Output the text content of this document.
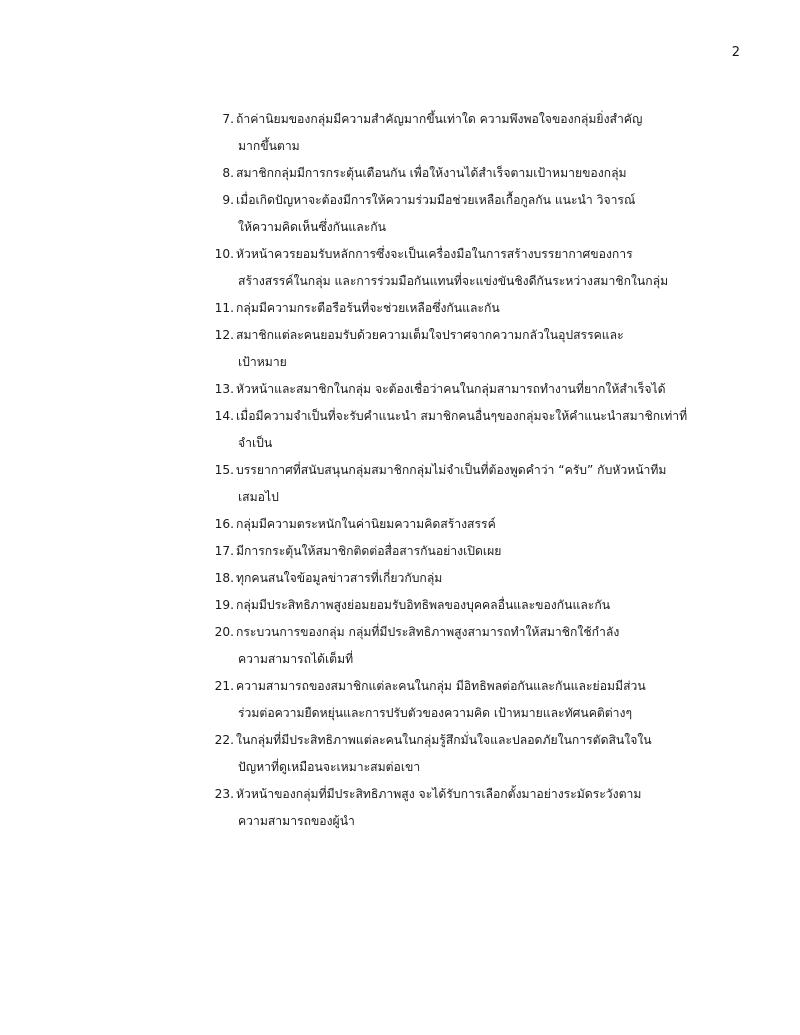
2
7. ถ้าค่านิยมของกลุ่มมีความสำคัญมากขึ้นเท่าใด ความพึงพอใจของกลุ่มยิ่งสำคัญ
มากขึ้นตาม
8. สมาชิกกลุ่มมีการกระตุ้นเตือนกัน เพื่อให้งานได้สำเร็จตามเป้าหมายของกลุ่ม
9. เมื่อเกิดปัญหาจะต้องมีการให้ความร่วมมือช่วยเหลือเกื้อกูลกัน แนะนำ วิจารณ์
ให้ความคิดเห็นซึ่งกันและกัน
10. หัวหน้าควรยอมรับหลักการซึ่งจะเป็นเครื่องมือในการสร้างบรรยากาศของการ
สร้างสรรค์ในกลุ่ม และการร่วมมือกันแทนที่จะแข่งขันชิงดีกันระหว่างสมาชิกในกลุ่ม
11. กลุ่มมีความกระตือรือร้นที่จะช่วยเหลือซึ่งกันและกัน
12. สมาชิกแต่ละคนยอมรับด้วยความเต็มใจปราศจากความกลัวในอุปสรรคและ
เป้าหมาย
13. หัวหน้าและสมาชิกในกลุ่ม จะต้องเชื่อว่าคนในกลุ่มสามารถทำงานที่ยากให้สำเร็จได้
14. เมื่อมีความจำเป็นที่จะรับคำแนะนำ สมาชิกคนอื่นๆของกลุ่มจะให้คำแนะนำสมาชิกเท่าที่
จำเป็น
15. บรรยากาศที่สนับสนุนกลุ่มสมาชิกกลุ่มไม่จำเป็นที่ต้องพูดคำว่า “ครับ” กับหัวหน้าทีม
เสมอไป
16. กลุ่มมีความตระหนักในค่านิยมความคิดสร้างสรรค์
17. มีการกระตุ้นให้สมาชิกติดต่อสื่อสารกันอย่างเปิดเผย
18. ทุกคนสนใจข้อมูลข่าวสารที่เกี่ยวกับกลุ่ม
19. กลุ่มมีประสิทธิภาพสูงย่อมยอมรับอิทธิพลของบุคคลอื่นและของกันและกัน
20. กระบวนการของกลุ่ม กลุ่มที่มีประสิทธิภาพสูงสามารถทำให้สมาชิกใช้กำลัง
ความสามารถได้เต็มที่
21. ความสามารถของสมาชิกแต่ละคนในกลุ่ม มีอิทธิพลต่อกันและกันและย่อมมีส่วน
ร่วมต่อความยืดหยุ่นและการปรับตัวของความคิด เป้าหมายและทัศนคติต่างๆ
22. ในกลุ่มที่มีประสิทธิภาพแต่ละคนในกลุ่มรู้สึกมั่นใจและปลอดภัยในการตัดสินใจใน
ปัญหาที่ดูเหมือนจะเหมาะสมต่อเขา
23. หัวหน้าของกลุ่มที่มีประสิทธิภาพสูง จะได้รับการเลือกตั้งมาอย่างระมัดระวังตาม
ความสามารถของผู้นำ
